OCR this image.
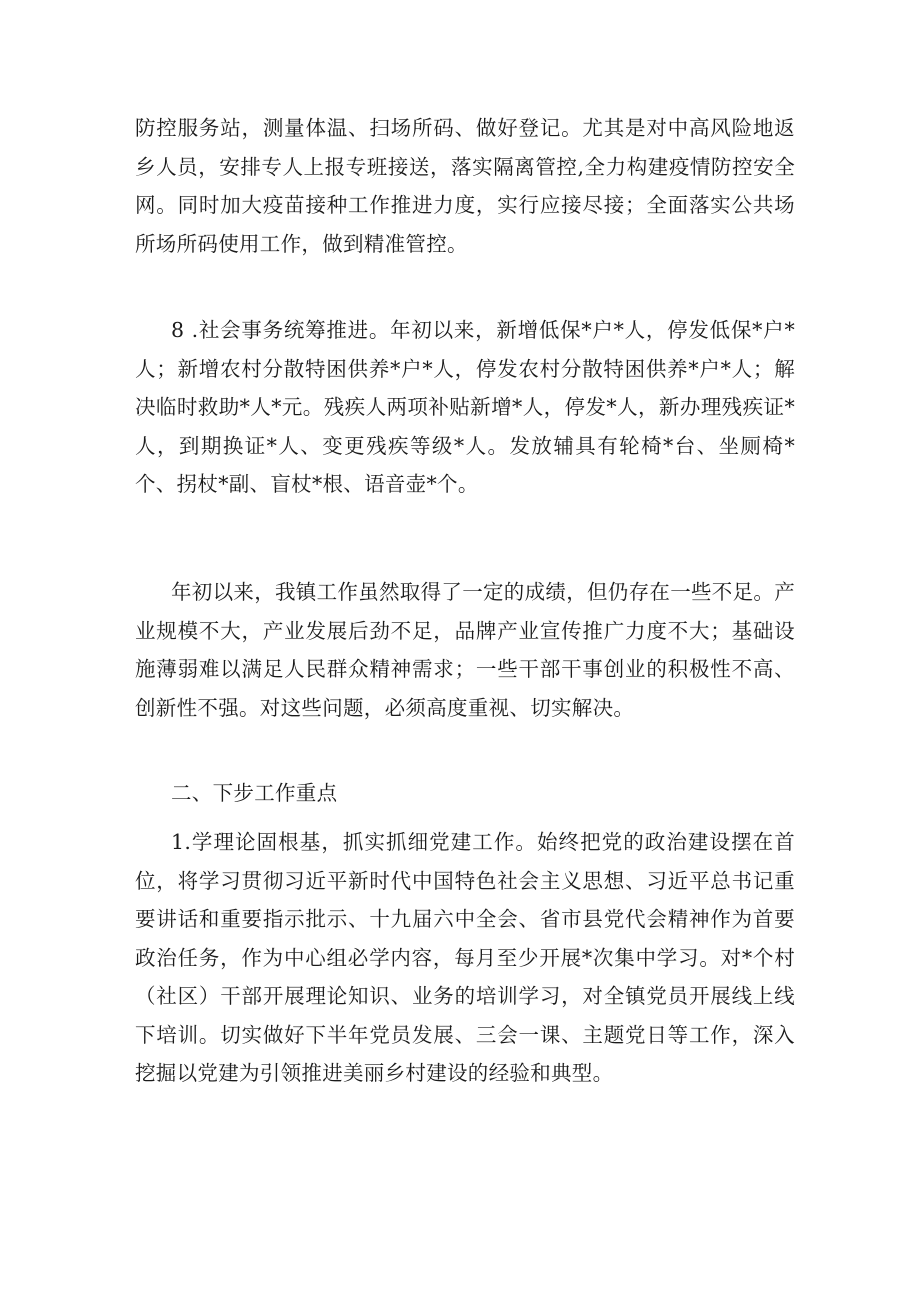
防控服务站，测量体温、扫场所码、做好登记。尤其是对中高风险地返乡人员，安排专人上报专班接送，落实隔离管控,全力构建疫情防控安全网。同时加大疫苗接种工作推进力度，实行应接尽接；全面落实公共场所场所码使用工作，做到精准管控。

8 .社会事务统筹推进。年初以来，新增低保*户*人，停发低保*户*人；新增农村分散特困供养*户*人，停发农村分散特困供养*户*人；解决临时救助*人*元。残疾人两项补贴新增*人，停发*人，新办理残疾证*人，到期换证*人、变更残疾等级*人。发放辅具有轮椅*台、坐厕椅*个、拐杖*副、盲杖*根、语音壶*个。

年初以来，我镇工作虽然取得了一定的成绩，但仍存在一些不足。产业规模不大，产业发展后劲不足，品牌产业宣传推广力度不大；基础设施薄弱难以满足人民群众精神需求；一些干部干事创业的积极性不高、创新性不强。对这些问题，必须高度重视、切实解决。

二、下步工作重点

1.学理论固根基，抓实抓细党建工作。始终把党的政治建设摆在首位，将学习贯彻习近平新时代中国特色社会主义思想、习近平总书记重要讲话和重要指示批示、十九届六中全会、省市县党代会精神作为首要政治任务，作为中心组必学内容，每月至少开展*次集中学习。对*个村（社区）干部开展理论知识、业务的培训学习，对全镇党员开展线上线下培训。切实做好下半年党员发展、三会一课、主题党日等工作，深入挖掘以党建为引领推进美丽乡村建设的经验和典型。
